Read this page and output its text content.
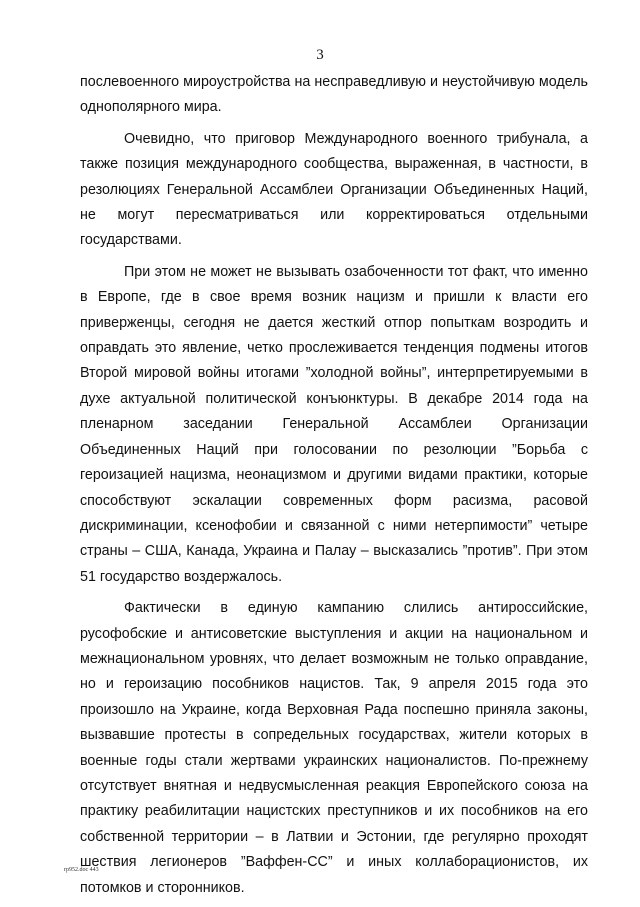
3

послевоенного мироустройства на несправедливую и неустойчивую модель однополярного мира.

Очевидно, что приговор Международного военного трибунала, а также позиция международного сообщества, выраженная, в частности, в резолюциях Генеральной Ассамблеи Организации Объединенных Наций, не могут пересматриваться или корректироваться отдельными государствами.

При этом не может не вызывать озабоченности тот факт, что именно в Европе, где в свое время возник нацизм и пришли к власти его приверженцы, сегодня не дается жесткий отпор попыткам возродить и оправдать это явление, четко прослеживается тенденция подмены итогов Второй мировой войны итогами ”холодной войны”, интерпретируемыми в духе актуальной политической конъюнктуры. В декабре 2014 года на пленарном заседании Генеральной Ассамблеи Организации Объединенных Наций при голосовании по резолюции ”Борьба с героизацией нацизма, неонацизмом и другими видами практики, которые способствуют эскалации современных форм расизма, расовой дискриминации, ксенофобии и связанной с ними нетерпимости” четыре страны – США, Канада, Украина и Палау – высказались ”против”. При этом 51 государство воздержалось.

Фактически в единую кампанию слились антироссийские, русофобские и антисоветские выступления и акции на национальном и межнациональном уровнях, что делает возможным не только оправдание, но и героизацию пособников нацистов. Так, 9 апреля 2015 года это произошло на Украине, когда Верховная Рада поспешно приняла законы, вызвавшие протесты в сопредельных государствах, жители которых в военные годы стали жертвами украинских националистов. По-прежнему отсутствует внятная и недвусмысленная реакция Европейского союза на практику реабилитации нацистских преступников и их пособников на его собственной территории – в Латвии и Эстонии, где регулярно проходят шествия легионеров ”Ваффен-СС” и иных коллаборационистов, их потомков и сторонников.

rp952.doc 443
